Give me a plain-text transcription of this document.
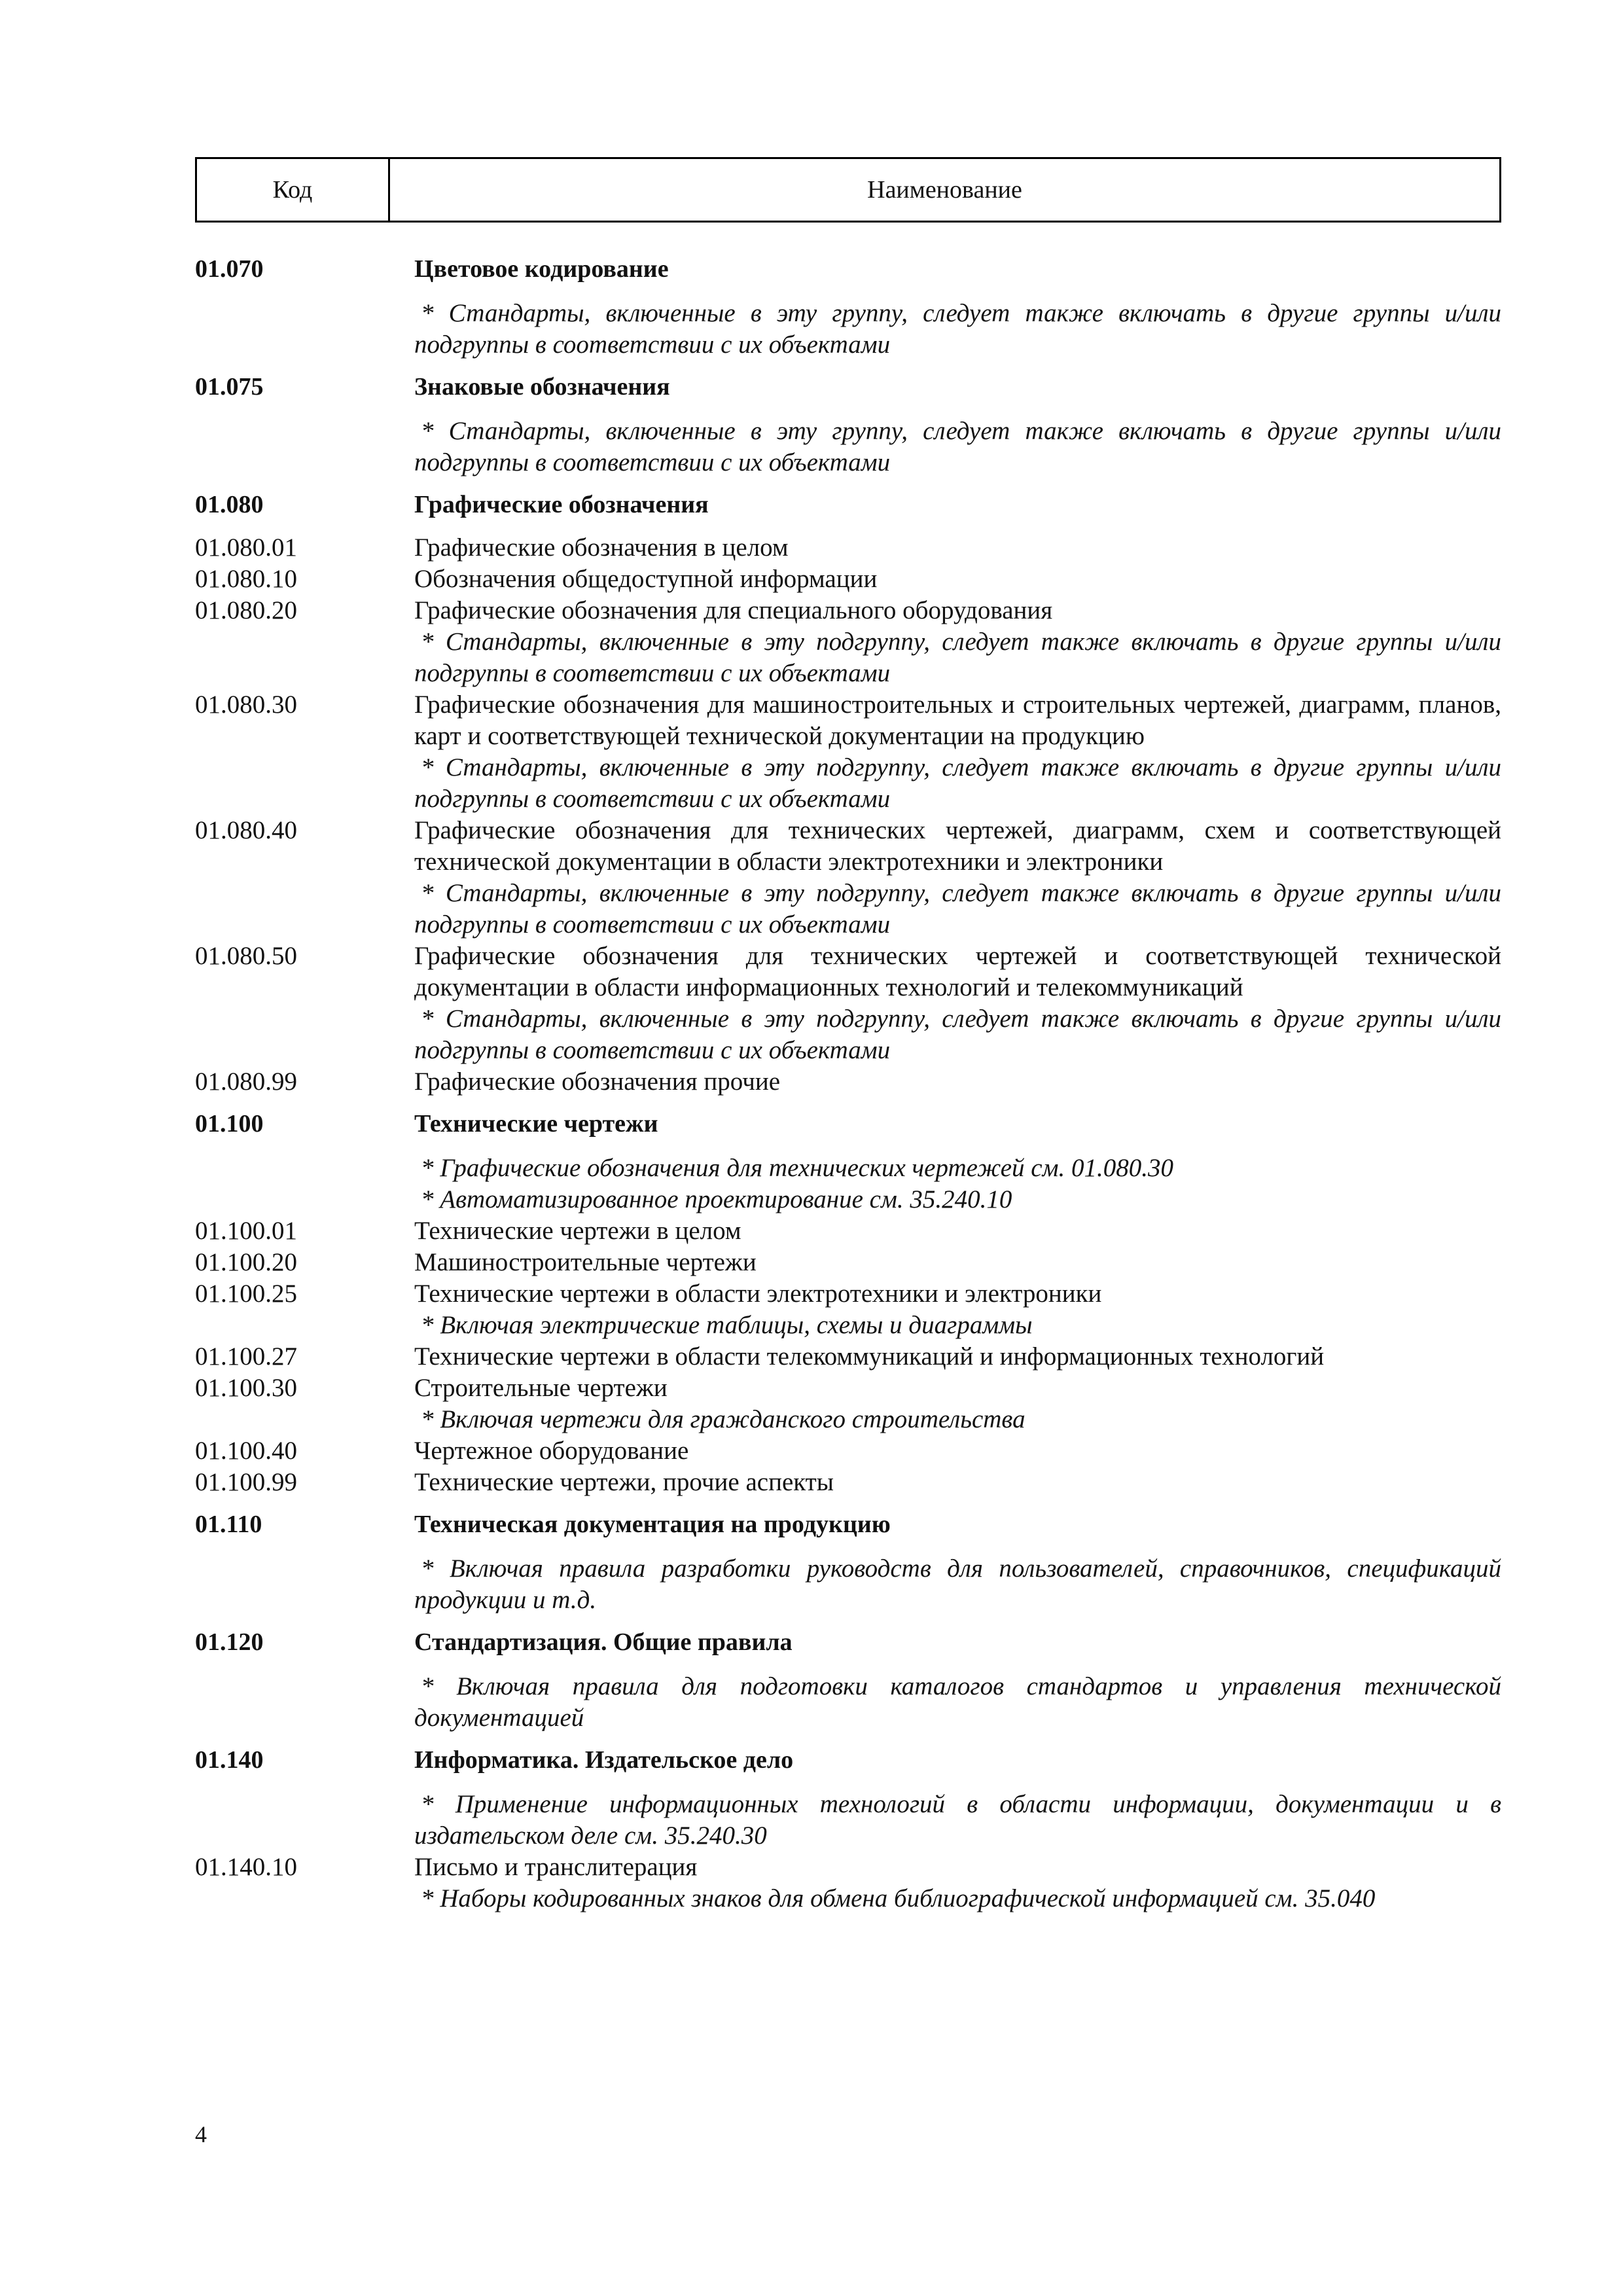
Код	Наименование
01.070	Цветовое кодирование
* Стандарты, включенные в эту группу, следует также включать в другие группы и/или подгруппы в соответствии с их объектами
01.075	Знаковые обозначения
* Стандарты, включенные в эту группу, следует также включать в другие группы и/или подгруппы в соответствии с их объектами
01.080	Графические обозначения
01.080.01	Графические обозначения в целом
01.080.10	Обозначения общедоступной информации
01.080.20	Графические обозначения для специального оборудования
* Стандарты, включенные в эту подгруппу, следует также включать в другие группы и/или подгруппы в соответствии с их объектами
01.080.30	Графические обозначения для машиностроительных и строительных чертежей, диаграмм, планов, карт и соответствующей технической документации на продукцию
* Стандарты, включенные в эту подгруппу, следует также включать в другие группы и/или подгруппы в соответствии с их объектами
01.080.40	Графические обозначения для технических чертежей, диаграмм, схем и соответствующей технической документации в области электротехники и электроники
* Стандарты, включенные в эту подгруппу, следует также включать в другие группы и/или подгруппы в соответствии с их объектами
01.080.50	Графические обозначения для технических чертежей и соответствующей технической документации в области информационных технологий и телекоммуникаций
* Стандарты, включенные в эту подгруппу, следует также включать в другие группы и/или подгруппы в соответствии с их объектами
01.080.99	Графические обозначения прочие
01.100	Технические чертежи
* Графические обозначения для технических чертежей см. 01.080.30
* Автоматизированное проектирование см. 35.240.10
01.100.01	Технические чертежи в целом
01.100.20	Машиностроительные чертежи
01.100.25	Технические чертежи в области электротехники и электроники
* Включая электрические таблицы, схемы и диаграммы
01.100.27	Технические чертежи в области телекоммуникаций и информационных технологий
01.100.30	Строительные чертежи
* Включая чертежи для гражданского строительства
01.100.40	Чертежное оборудование
01.100.99	Технические чертежи, прочие аспекты
01.110	Техническая документация на продукцию
* Включая правила разработки руководств для пользователей, справочников, спецификаций продукции и т.д.
01.120	Стандартизация. Общие правила
* Включая правила для подготовки каталогов стандартов и управления технической документацией
01.140	Информатика. Издательское дело
* Применение информационных технологий в области информации, документации и в издательском деле см. 35.240.30
01.140.10	Письмо и транслитерация
* Наборы кодированных знаков для обмена библиографической информацией см. 35.040
4
